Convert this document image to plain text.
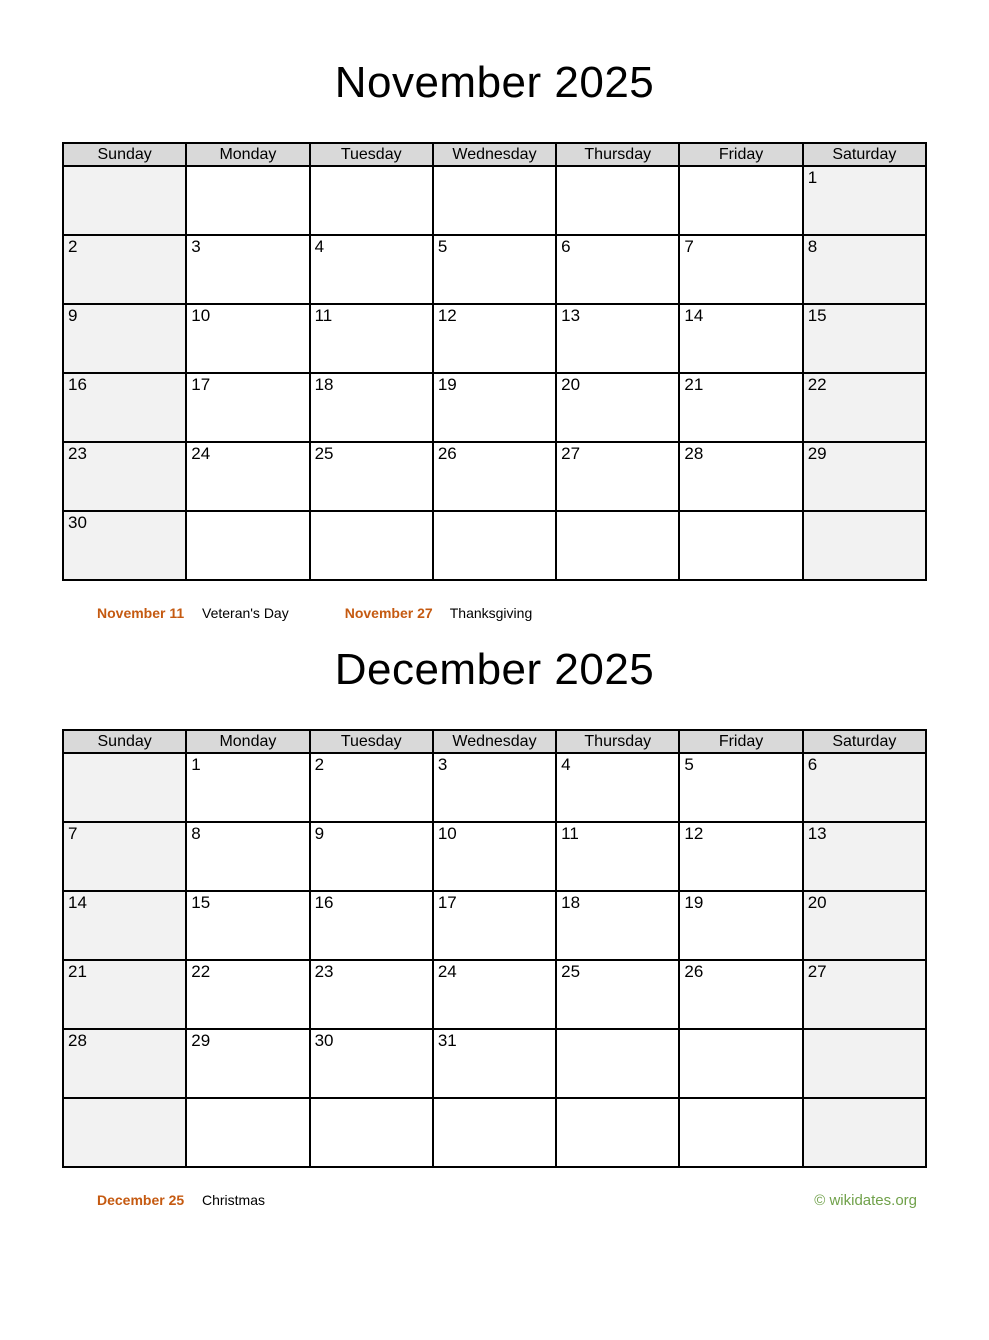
November 2025
Sunday	Monday	Tuesday	Wednesday	Thursday	Friday	Saturday
						1
2	3	4	5	6	7	8
9	10	11	12	13	14	15
16	17	18	19	20	21	22
23	24	25	26	27	28	29
30						
November 11	Veteran's Day	November 27	Thanksgiving
December 2025
Sunday	Monday	Tuesday	Wednesday	Thursday	Friday	Saturday
	1	2	3	4	5	6
7	8	9	10	11	12	13
14	15	16	17	18	19	20
21	22	23	24	25	26	27
28	29	30	31			

December 25	Christmas	© wikidates.org
